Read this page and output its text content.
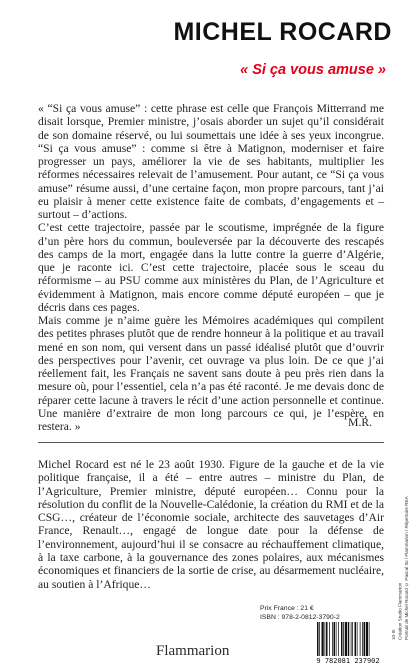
MICHEL ROCARD
« Si ça vous amuse »

« “Si ça vous amuse” : cette phrase est celle que François Mitterrand me disait lorsque, Premier ministre, j’osais aborder un sujet qu’il considérait de son domaine réservé, ou lui soumettais une idée à ses yeux incongrue. “Si ça vous amuse” : comme si être à Matignon, moderniser et faire progresser un pays, améliorer la vie de ses habitants, multiplier les réformes nécessaires relevait de l’amusement. Pour autant, ce “Si ça vous amuse” résume aussi, d’une certaine façon, mon propre parcours, tant j’ai eu plaisir à mener cette existence faite de combats, d’engagements et – surtout – d’actions.

C’est cette trajectoire, passée par le scoutisme, imprégnée de la figure d’un père hors du commun, bouleversée par la découverte des rescapés des camps de la mort, engagée dans la lutte contre la guerre d’Algérie, que je raconte ici. C’est cette trajectoire, placée sous le sceau du réformisme – au PSU comme aux ministères du Plan, de l’Agriculture et évidemment à Matignon, mais encore comme député européen – que je décris dans ces pages.

Mais comme je n’aime guère les Mémoires académiques qui compilent des petites phrases plutôt que de rendre honneur à la politique et au travail mené en son nom, qui versent dans un passé idéalisé plutôt que d’ouvrir des perspectives pour l’avenir, cet ouvrage va plus loin. De ce que j’ai réellement fait, les Français ne savent sans doute à peu près rien dans la mesure où, pour l’essentiel, cela n’a pas été raconté. Je me devais donc de réparer cette lacune à travers le récit d’une action personnelle et continue. Une manière d’extraire de mon long parcours ce qui, je l’espère, en restera. »	M.R.
Michel Rocard est né le 23 août 1930. Figure de la gauche et de la vie politique française, il a été – entre autres – ministre du Plan, de l’Agriculture, Premier ministre, député européen… Connu pour la résolution du conflit de la Nouvelle-Calédonie, la création du RMI et de la CSG…, créateur de l’économie sociale, architecte des sauvetages d’Air France, Renault…, engagé de longue date pour la défense de l’environnement, aujourd’hui il se consacre au réchauffement climatique, à la taxe carbone, à la gouvernance des zones polaires, aux mécanismes économiques et financiers de la sortie de crise, au désarmement nucléaire, au soutien à l’Afrique…
10-III Création Studio Flammarion Portrait de Michel Rocard © Pascal Ito / Flammarion / Répertoire REA
Prix France : 21 €
ISBN : 978-2-0812-3790-2
Flammarion
9 782081 237902
